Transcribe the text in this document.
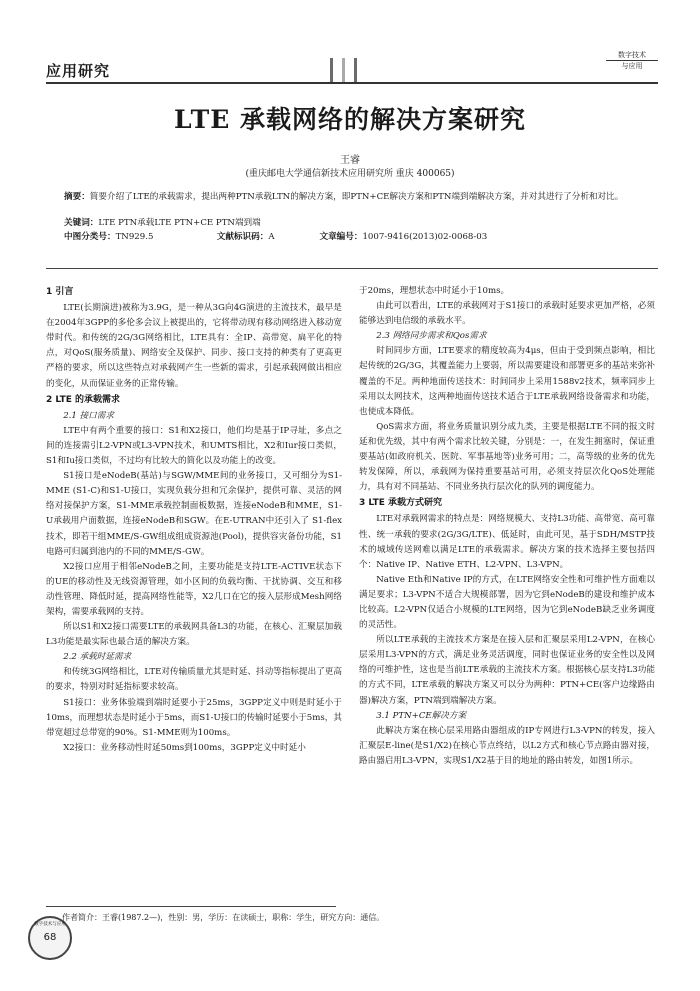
应用研究
数字技术
与应用
LTE 承载网络的解决方案研究
王睿
(重庆邮电大学通信新技术应用研究所 重庆 400065)
摘要：简要介绍了LTE的承载需求，提出两种PTN承载LTN的解决方案，即PTN+CE解决方案和PTN端到端解决方案，并对其进行了分析和对比。
关键词：LTE PTN承载LTE PTN+CE PTN端到端
中图分类号：TN929.5	文献标识码：A	文章编号：1007-9416(2013)02-0068-03
1 引言

LTE(长期演进)被称为3.9G，是一种从3G向4G演进的主流技术，最早是在2004年3GPP的多伦多会议上被提出的，它将带动现有移动网络进入移动宽带时代。和传统的2G/3G网络相比，LTE具有：全IP、高带宽、扁平化的特点，对QoS(服务质量)、网络安全及保护、同步、接口支持的种类有了更高更严格的要求，所以这些特点对承载网产生一些新的需求，引起承载网做出相应的变化，从而保证业务的正常传输。

2 LTE 的承载需求
2.1 接口需求

LTE中有两个重要的接口：S1和X2接口，他们均是基于IP寻址，多点之间的连接需引L2-VPN或L3-VPN技术，和UMTS相比，X2和Iur接口类似，S1和Iu接口类似，不过均有比较大的简化以及功能上的改变。

S1接口是eNodeB(基站)与SGW/MME间的业务接口，又可细分为S1-MME (S1-C)和S1-U接口，实现负载分担和冗余保护，提供可靠、灵活的网络对接保护方案，S1-MME承载控制面板数据，连接eNodeB和MME，S1-U承载用户面数据，连接eNodeB和SGW。在E-UTRAN中还引入了 S1-flex技术，即若干组MME/S-GW组成组成资源池(Pool)，提供容灾备份功能，S1电路可归属到池内的不同的MME/S-GW。

X2接口应用于相邻eNodeB之间，主要功能是支持LTE-ACTIVE状态下的UE的移动性及无线资源管理，如小区间的负载均衡、干扰协调、交互和移动性管理、降低时延，提高网络性能等，X2几口在它的接入层形成Mesh网络架构，需要承载网的支持。

所以S1和X2接口需要LTE的承载网具备L3的功能，在核心、汇聚层加载L3功能是最实际也最合适的解决方案。

2.2 承载时延需求

和传统3G网络相比，LTE对传输质量尤其是时延、抖动等指标提出了更高的要求，特别对时延指标要求较高。

S1接口：业务体验端到端时延要小于25ms，3GPP定义中则是时延小于10ms，而理想状态是时延小于5ms，而S1-U接口的传输时延要小于5ms，其带宽超过总带宽的90%。S1-MME则为100ms。

X2接口：业务移动性时延50ms到100ms，3GPP定义中时延小

于20ms，理想状态中时延小于10ms。

由此可以看出，LTE的承载网对于S1接口的承载时延要求更加严格，必须能够达到电信级的承载水平。

2.3 网络同步需求和Qos需求

时间同步方面，LTE要求的精度较高为4μs，但由于受到频点影响，相比起传统的2G/3G，其覆盖能力上要弱，所以需要建设和部署更多的基站来弥补覆盖的不足。两种地面传送技术：时间同步上采用1588v2技术，频率同步上采用以太网技术，这两种地面传送技术适合于LTE承载网络设备需求和功能，也使成本降低。

QoS需求方面，将业务质量识别分成九类，主要是根据LTE不同的报文时延和优先级，其中有两个需求比较关键，分别是：一，在发生拥塞时，保证重要基站(如政府机关、医院、军事基地等)业务可用；二，高等级的业务的优先转发保障，所以，承载网为保持重要基站可用，必须支持层次化QoS处理能力，具有对不同基站、不同业务执行层次化的队列的调度能力。

3 LTE 承载方式研究

LTE对承载网需求的特点是：网络规模大、支持L3功能、高带宽、高可靠性、统一承载的要求(2G/3G/LTE)、低延时，由此可见，基于SDH/MSTP技术的城域传送网难以满足LTE的承载需求。解决方案的技术选择主要包括四个：Native IP、Native ETH、L2-VPN、L3-VPN。

Native Eth和Native IP的方式，在LTE网络安全性和可维护性方面难以满足要求；L3-VPN不适合大规模部署，因为它到eNodeB的建设和维护成本比较高。L2-VPN仅适合小规模的LTE网络，因为它到eNodeB缺乏业务调度的灵活性。

所以LTE承载的主流技术方案是在接入层和汇聚层采用L2-VPN，在核心层采用L3-VPN的方式，满足业务灵活调度，同时也保证业务的安全性以及网络的可维护性，这也是当前LTE承载的主流技术方案。根据核心层支持L3功能的方式不同，LTE承载的解决方案又可以分为两种：PTN+CE(客户边缘路由器)解决方案，PTN端到端解决方案。

3.1 PTN+CE解决方案

此解决方案在核心层采用路由器组成的IP专网进行L3-VPN的转发，接入汇聚层E-line(是S1/X2)在核心节点终结，以L2方式和核心节点路由器对接，路由器启用L3-VPN，实现S1/X2基于目的地址的路由转发，如图1所示。

作者简介：王睿(1987.2—)，性别：男，学历：在读硕士，职称：学生，研究方向：通信。
数字技术与应用
68
